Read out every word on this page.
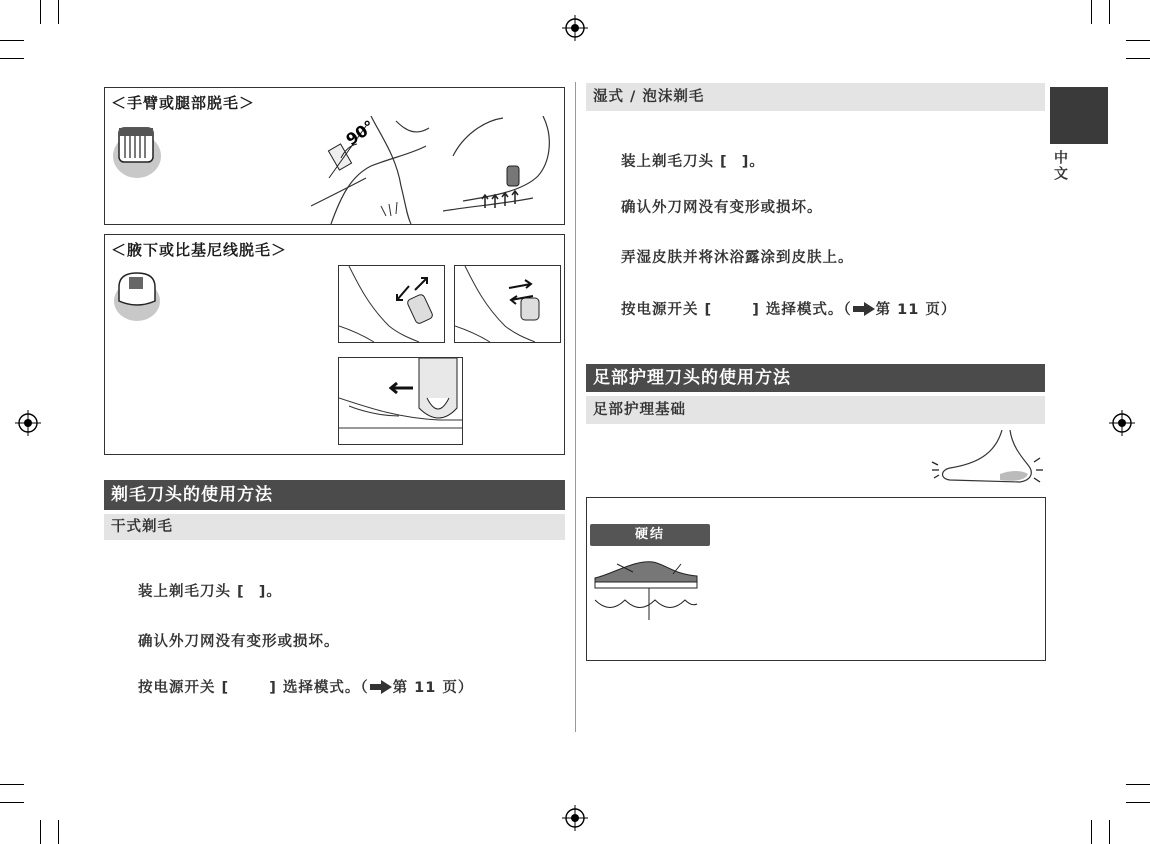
＜手臂或腿部脱毛＞
90°
＜腋下或比基尼线脱毛＞
剃毛刀头的使用方法
干式剃毛
装上剃毛刀头 [ ]。
确认外刀网没有变形或损坏。
按电源开关 [	] 选择模式。（ 第 11 页）
湿式 / 泡沫剃毛
装上剃毛刀头 [ ]。
确认外刀网没有变形或损坏。
弄湿皮肤并将沐浴露涂到皮肤上。
按电源开关 [	] 选择模式。（ 第 11 页）
足部护理刀头的使用方法
足部护理基础
硬结
中文
